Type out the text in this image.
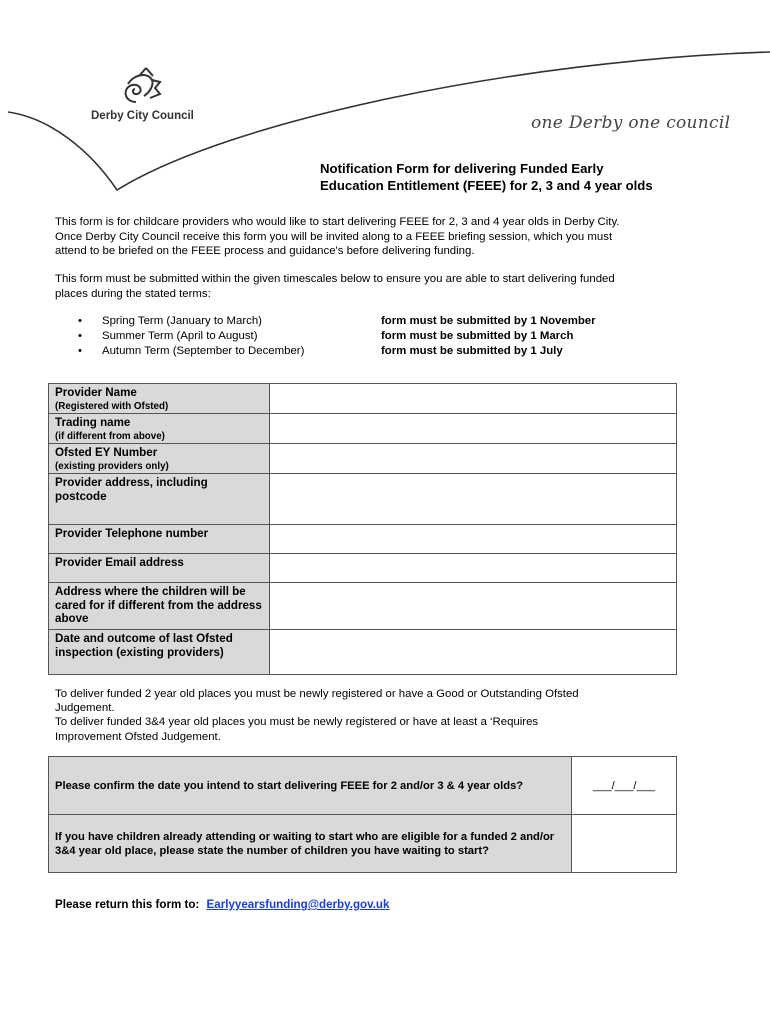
Derby City Council	one Derby one council
Notification Form for delivering Funded Early
Education Entitlement (FEEE) for 2, 3 and 4 year olds
This form is for childcare providers who would like to start delivering FEEE for 2, 3 and 4 year olds in Derby City.
Once Derby City Council receive this form you will be invited along to a FEEE briefing session, which you must
attend to be briefed on the FEEE process and guidance's before delivering funding.
This form must be submitted within the given timescales below to ensure you are able to start delivering funded
places during the stated terms:
•	Spring Term (January to March)	form must be submitted by 1 November
•	Summer Term (April to August)	form must be submitted by 1 March
•	Autumn Term (September to December)	form must be submitted by 1 July
Provider Name
(Registered with Ofsted)	

Trading name
(if different from above)	

Ofsted EY Number
(existing providers only)	

Provider address, including postcode	

Provider Telephone number	

Provider Email address	

Address where the children will be cared for if different from the address above	

Date and outcome of last Ofsted inspection (existing providers)	

To deliver funded 2 year old places you must be newly registered or have a Good or Outstanding Ofsted
Judgement.
To deliver funded 3&4 year old places you must be newly registered or have at least a ‘Requires
Improvement Ofsted Judgement.
Please confirm the date you intend to start delivering FEEE for 2 and/or 3 & 4 year olds?	___/___/___
If you have children already attending or waiting to start who are eligible for a funded 2 and/or 3&4 year old place, please state the number of children you have waiting to start?	
Please return this form to: Earlyyearsfunding@derby.gov.uk
